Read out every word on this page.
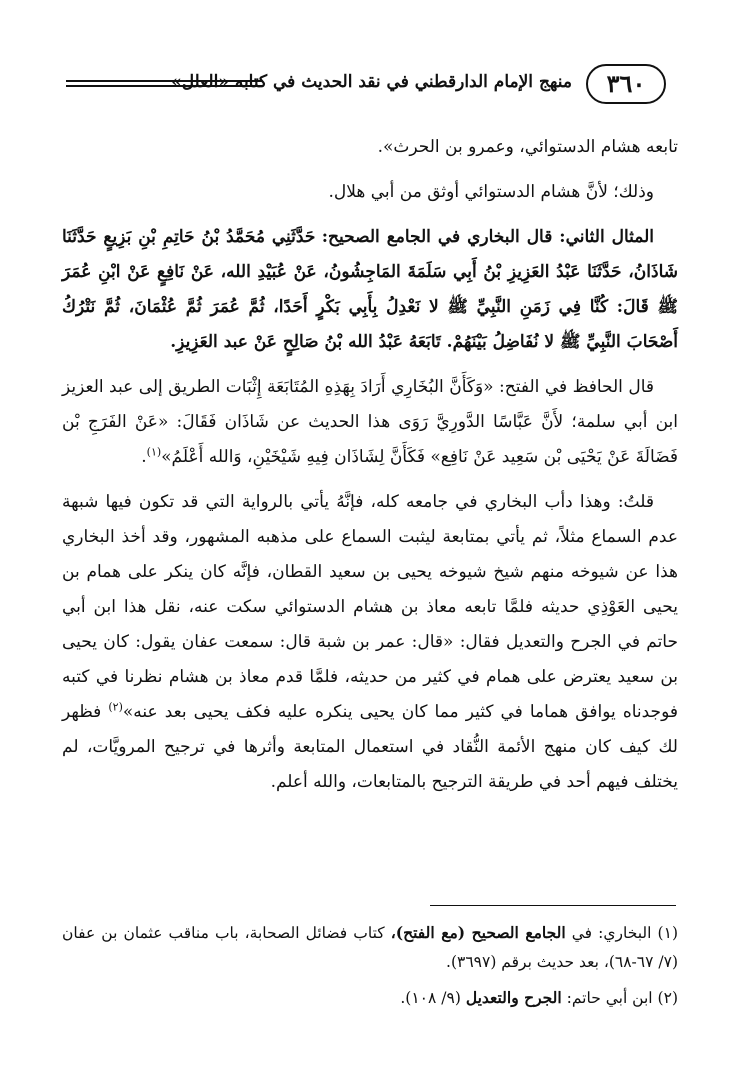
٣٦٠
منهج الإمام الدارقطني في نقد الحديث في كتابه «العلل»

تابعه هشام الدستوائي، وعمرو بن الحرث».

وذلك؛ لأنَّ هشام الدستوائي أوثق من أبي هلال.

المثال الثاني: قال البخاري في الجامع الصحيح: حَدَّثَنِي مُحَمَّدُ بْنُ حَاتِمِ بْنِ بَزِيعٍ حَدَّثَنَا شَاذَانُ، حَدَّثَنَا عَبْدُ العَزِيزِ بْنُ أَبِي سَلَمَةَ المَاجِشُونُ، عَنْ عُبَيْدِ الله، عَنْ نَافِعٍ عَنْ ابْنِ عُمَرَ ﷺ قَالَ: كُنَّا فِي زَمَنِ النَّبِيِّ ﷺ لا نَعْدِلُ بِأَبِي بَكْرٍ أَحَدًا، ثُمَّ عُمَرَ ثُمَّ عُثْمَانَ، ثُمَّ نَتْرُكُ أَصْحَابَ النَّبِيِّ ﷺ لا نُفَاضِلُ بَيْنَهُمْ. تَابَعَهُ عَبْدُ الله بْنُ صَالِحٍ عَنْ عبد العَزِيزِ.

قال الحافظ في الفتح: «وَكَأَنَّ البُخَارِي أَرَادَ بِهَذِهِ المُتَابَعَة إِثْبَات الطريق إلى عبد العزيز ابن أبي سلمة؛ لأَنَّ عَبَّاسًا الدَّورِيَّ رَوَى هذا الحديث عن شَاذَان فَقَالَ: «عَنْ الفَرَجِ بْن فَضَالَةَ عَنْ يَحْيَى بْن سَعِيد عَنْ نَافِع» فَكَأَنَّ لِشَاذَان فِيهِ شَيْخَيْنِ، وَالله أَعْلَمُ»$^{(١)}$.

قلتُ: وهذا دأب البخاري في جامعه كله، فإنَّهُ يأتي بالرواية التي قد تكون فيها شبهة عدم السماع مثلاً، ثم يأتي بمتابعة ليثبت السماع على مذهبه المشهور، وقد أخذ البخاري هذا عن شيوخه منهم شيخ شيوخه يحيى بن سعيد القطان، فإنَّه كان ينكر على همام بن يحيى العَوْذِي حديثه فلمَّا تابعه معاذ بن هشام الدستوائي سكت عنه، نقل هذا ابن أبي حاتم في الجرح والتعديل فقال: «قال: عمر بن شبة قال: سمعت عفان يقول: كان يحيى بن سعيد يعترض على همام في كثير من حديثه، فلمَّا قدم معاذ بن هشام نظرنا في كتبه فوجدناه يوافق هماما في كثير مما كان يحيى ينكره عليه فكف يحيى بعد عنه»$^{(٢)}$ فظهر لك كيف كان منهج الأئمة النُّقاد في استعمال المتابعة وأثرها في ترجيح المرويَّات، لم يختلف فيهم أحد في طريقة الترجيح بالمتابعات، والله أعلم.

(١) البخاري: في الجامع الصحيح (مع الفتح)، كتاب فضائل الصحابة، باب مناقب عثمان بن عفان (٧/ ٦٧-٦٨)، بعد حديث برقم (٣٦٩٧).

(٢) ابن أبي حاتم: الجرح والتعديل (٩/ ١٠٨).
